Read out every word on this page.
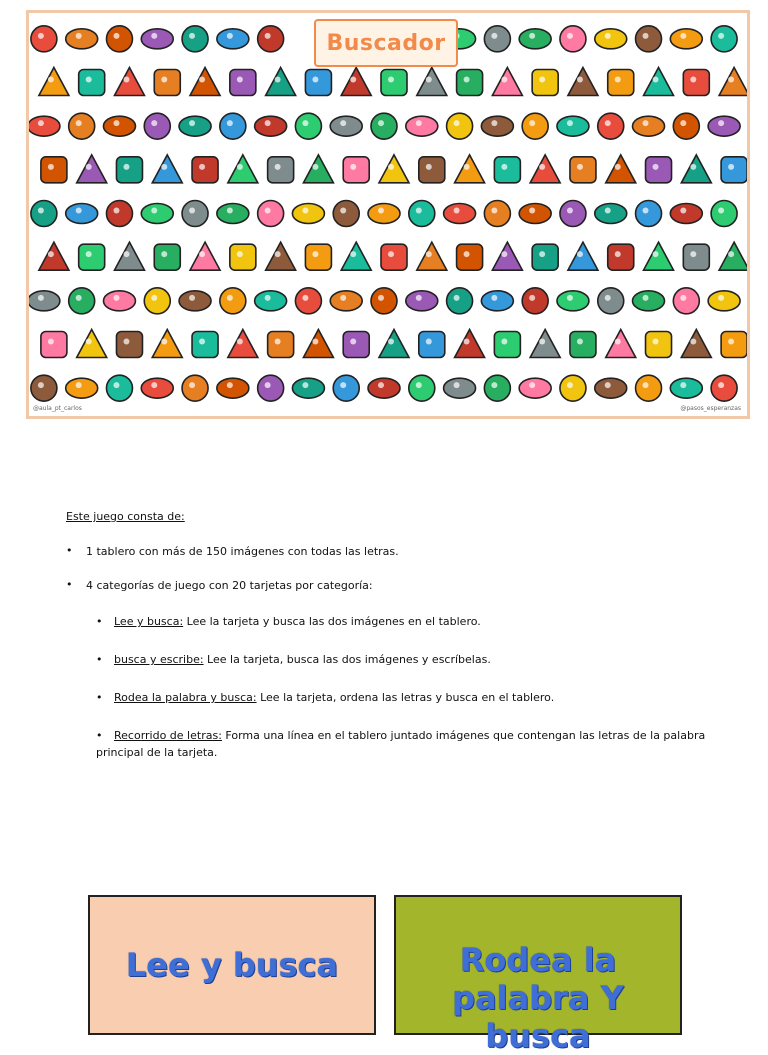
Buscador
@aula_pt_carlos	@pasos_esperanzas
Este juego consta de:
• 1 tablero con más de 150 imágenes con todas las letras.
• 4 categorías de juego con 20 tarjetas por categoría:
• Lee y busca: Lee la tarjeta y busca las dos imágenes en el tablero.
• busca y escribe: Lee la tarjeta, busca las dos imágenes y escríbelas.
• Rodea la palabra y busca: Lee la tarjeta, ordena las letras y busca en el tablero.
• Recorrido de letras: Forma una línea en el tablero juntado imágenes que contengan las letras de la palabra principal de la tarjeta.
Lee y busca	Rodea la palabra Y busca
